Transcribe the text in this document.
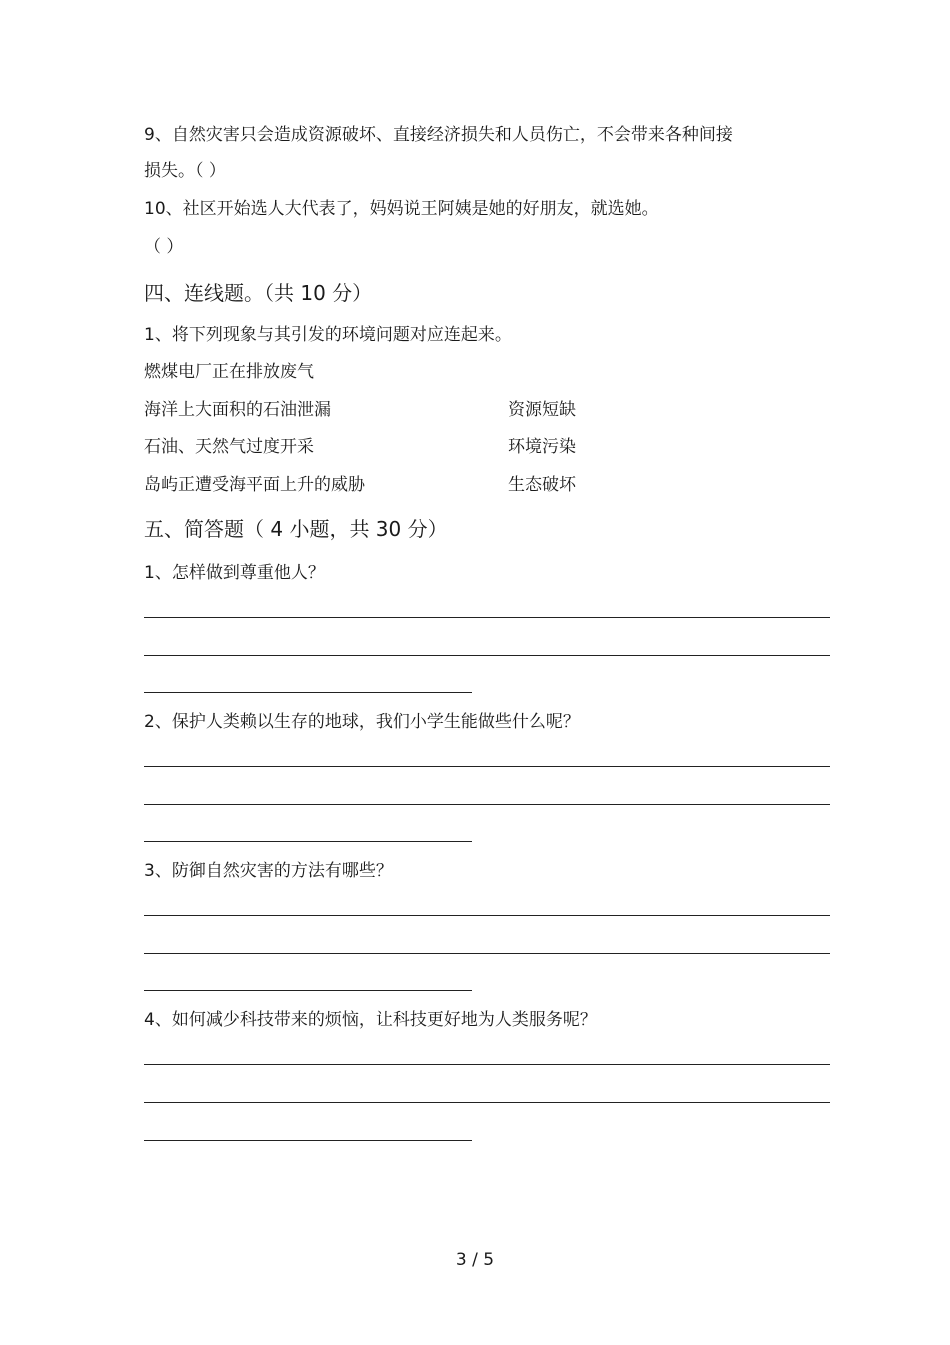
9、自然灾害只会造成资源破坏、直接经济损失和人员伤亡，不会带来各种间接
损失。（ ）
10、社区开始选人大代表了，妈妈说王阿姨是她的好朋友，就选她。
（ ）
四、连线题。（共 10 分）
1、将下列现象与其引发的环境问题对应连起来。
燃煤电厂正在排放废气
海洋上大面积的石油泄漏
石油、天然气过度开采
岛屿正遭受海平面上升的威胁
资源短缺
环境污染
生态破坏
五、简答题（ 4 小题，共 30 分）
1、怎样做到尊重他人？
2、保护人类赖以生存的地球，我们小学生能做些什么呢？
3、防御自然灾害的方法有哪些？
4、如何减少科技带来的烦恼，让科技更好地为人类服务呢？
3 / 5
